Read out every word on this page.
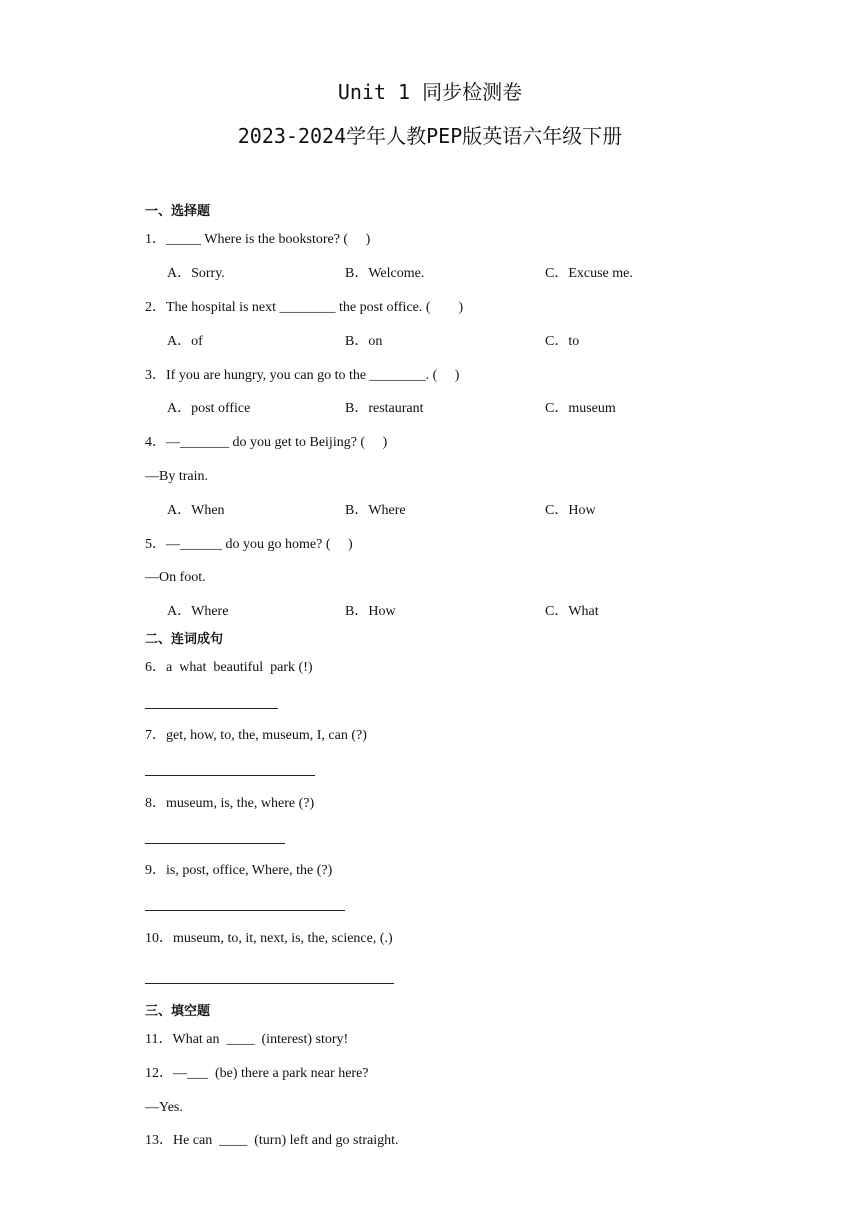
Unit 1 同步检测卷
2023-2024学年人教PEP版英语六年级下册
一、选择题
1．_____ Where is the bookstore? (     )
A．Sorry.	B．Welcome.	C．Excuse me.
2．The hospital is next ________ the post office. (        )
A．of	B．on	C．to
3．If you are hungry, you can go to the ________. (     )
A．post office	B．restaurant	C．museum
4．—_______ do you get to Beijing? (     )
—By train.
A．When	B．Where	C．How
5．—______ do you go home? (     )
—On foot.
A．Where	B．How	C．What
二、连词成句
6．a  what  beautiful  park (!)
7．get, how, to, the, museum, I, can (?)
8．museum, is, the, where (?)
9．is, post, office, Where, the (?)
10．museum, to, it, next, is, the, science, (.)
三、填空题
11．What an  ____  (interest) story!
12．—___  (be) there a park near here?
—Yes.
13．He can  ____  (turn) left and go straight.
